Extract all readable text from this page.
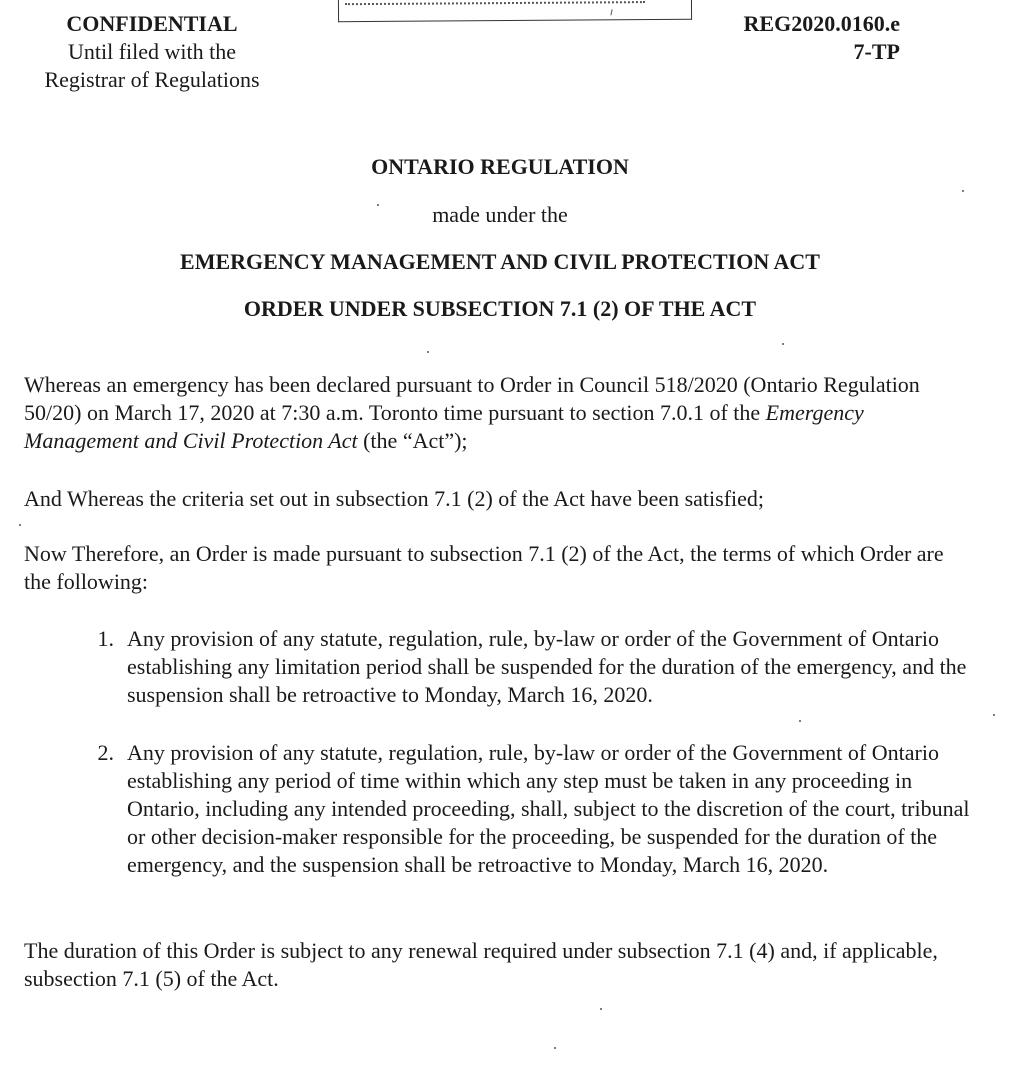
CONFIDENTIAL
Until filed with the
Registrar of Regulations
REG2020.0160.e
7-TP
ONTARIO REGULATION
made under the
EMERGENCY MANAGEMENT AND CIVIL PROTECTION ACT
ORDER UNDER SUBSECTION 7.1 (2) OF THE ACT

Whereas an emergency has been declared pursuant to Order in Council 518/2020 (Ontario Regulation 50/20) on March 17, 2020 at 7:30 a.m. Toronto time pursuant to section 7.0.1 of the Emergency Management and Civil Protection Act (the “Act”);

And Whereas the criteria set out in subsection 7.1 (2) of the Act have been satisfied;

Now Therefore, an Order is made pursuant to subsection 7.1 (2) of the Act, the terms of which Order are the following:

1. Any provision of any statute, regulation, rule, by-law or order of the Government of Ontario establishing any limitation period shall be suspended for the duration of the emergency, and the suspension shall be retroactive to Monday, March 16, 2020.
2. Any provision of any statute, regulation, rule, by-law or order of the Government of Ontario establishing any period of time within which any step must be taken in any proceeding in Ontario, including any intended proceeding, shall, subject to the discretion of the court, tribunal or other decision-maker responsible for the proceeding, be suspended for the duration of the emergency, and the suspension shall be retroactive to Monday, March 16, 2020.

The duration of this Order is subject to any renewal required under subsection 7.1 (4) and, if applicable, subsection 7.1 (5) of the Act.
